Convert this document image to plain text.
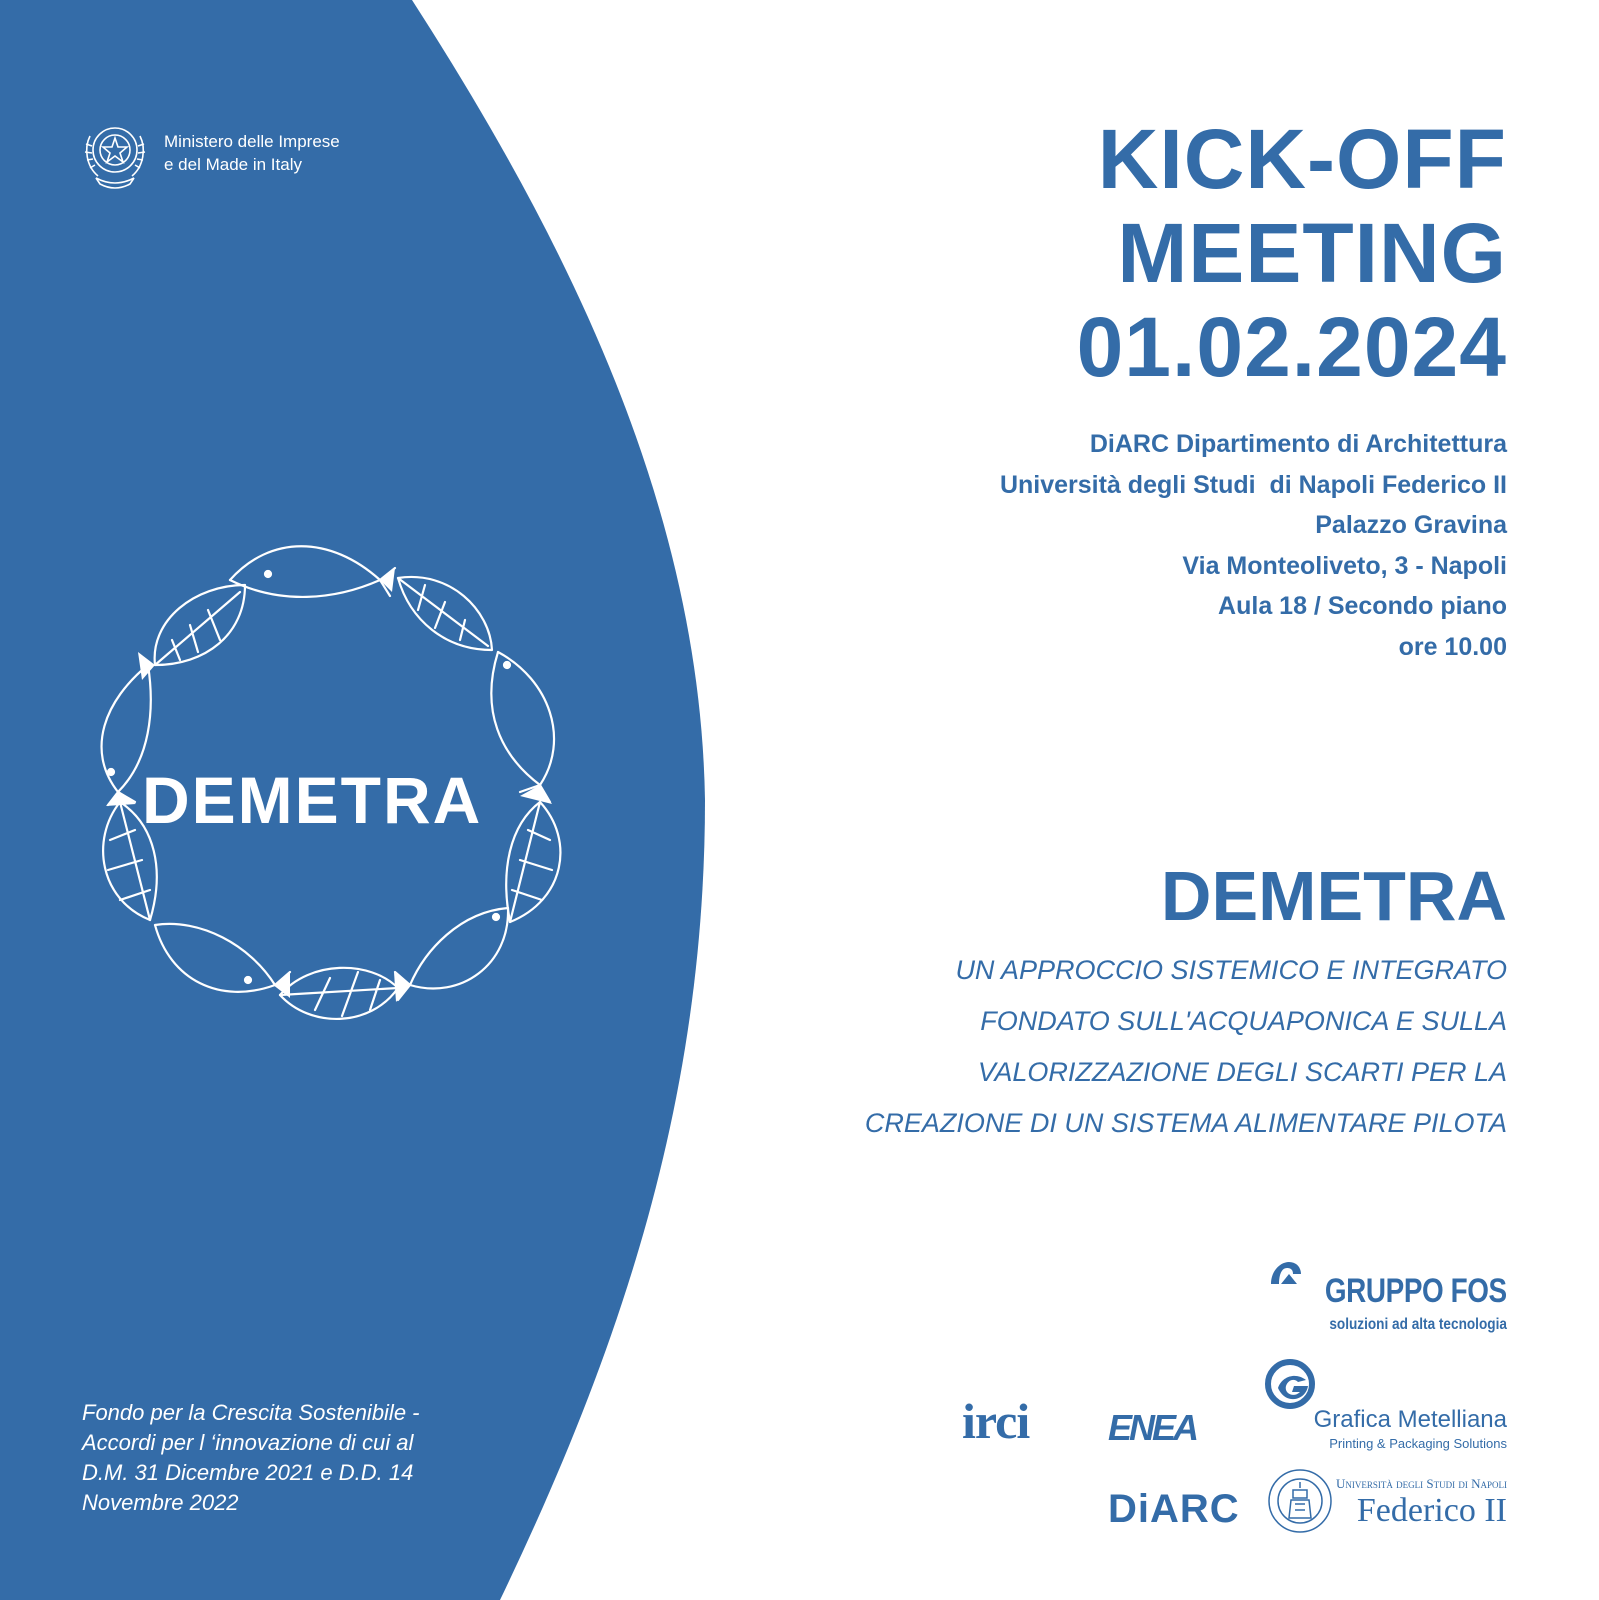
Ministero delle Imprese
e del Made in Italy	KICK-OFF
MEETING
01.02.2024
DiARC Dipartimento di Architettura
Università degli Studi  di Napoli Federico II
Palazzo Gravina
Via Monteoliveto, 3 - Napoli
Aula 18 / Secondo piano
ore 10.00
DEMETRA
DEMETRA
UN APPROCCIO SISTEMICO E INTEGRATO
FONDATO SULL'ACQUAPONICA E SULLA
VALORIZZAZIONE DEGLI SCARTI PER LA
CREAZIONE DI UN SISTEMA ALIMENTARE PILOTA
Fondo per la Crescita Sostenibile -
Accordi per l ‘innovazione di cui al
D.M. 31 Dicembre 2021 e D.D. 14
Novembre 2022
GRUPPO FOS
soluzioni ad alta tecnologia
irci ENEA	Grafica Metelliana
Printing & Packaging Solutions
DiARC
Università degli Studi di Napoli
Federico II
